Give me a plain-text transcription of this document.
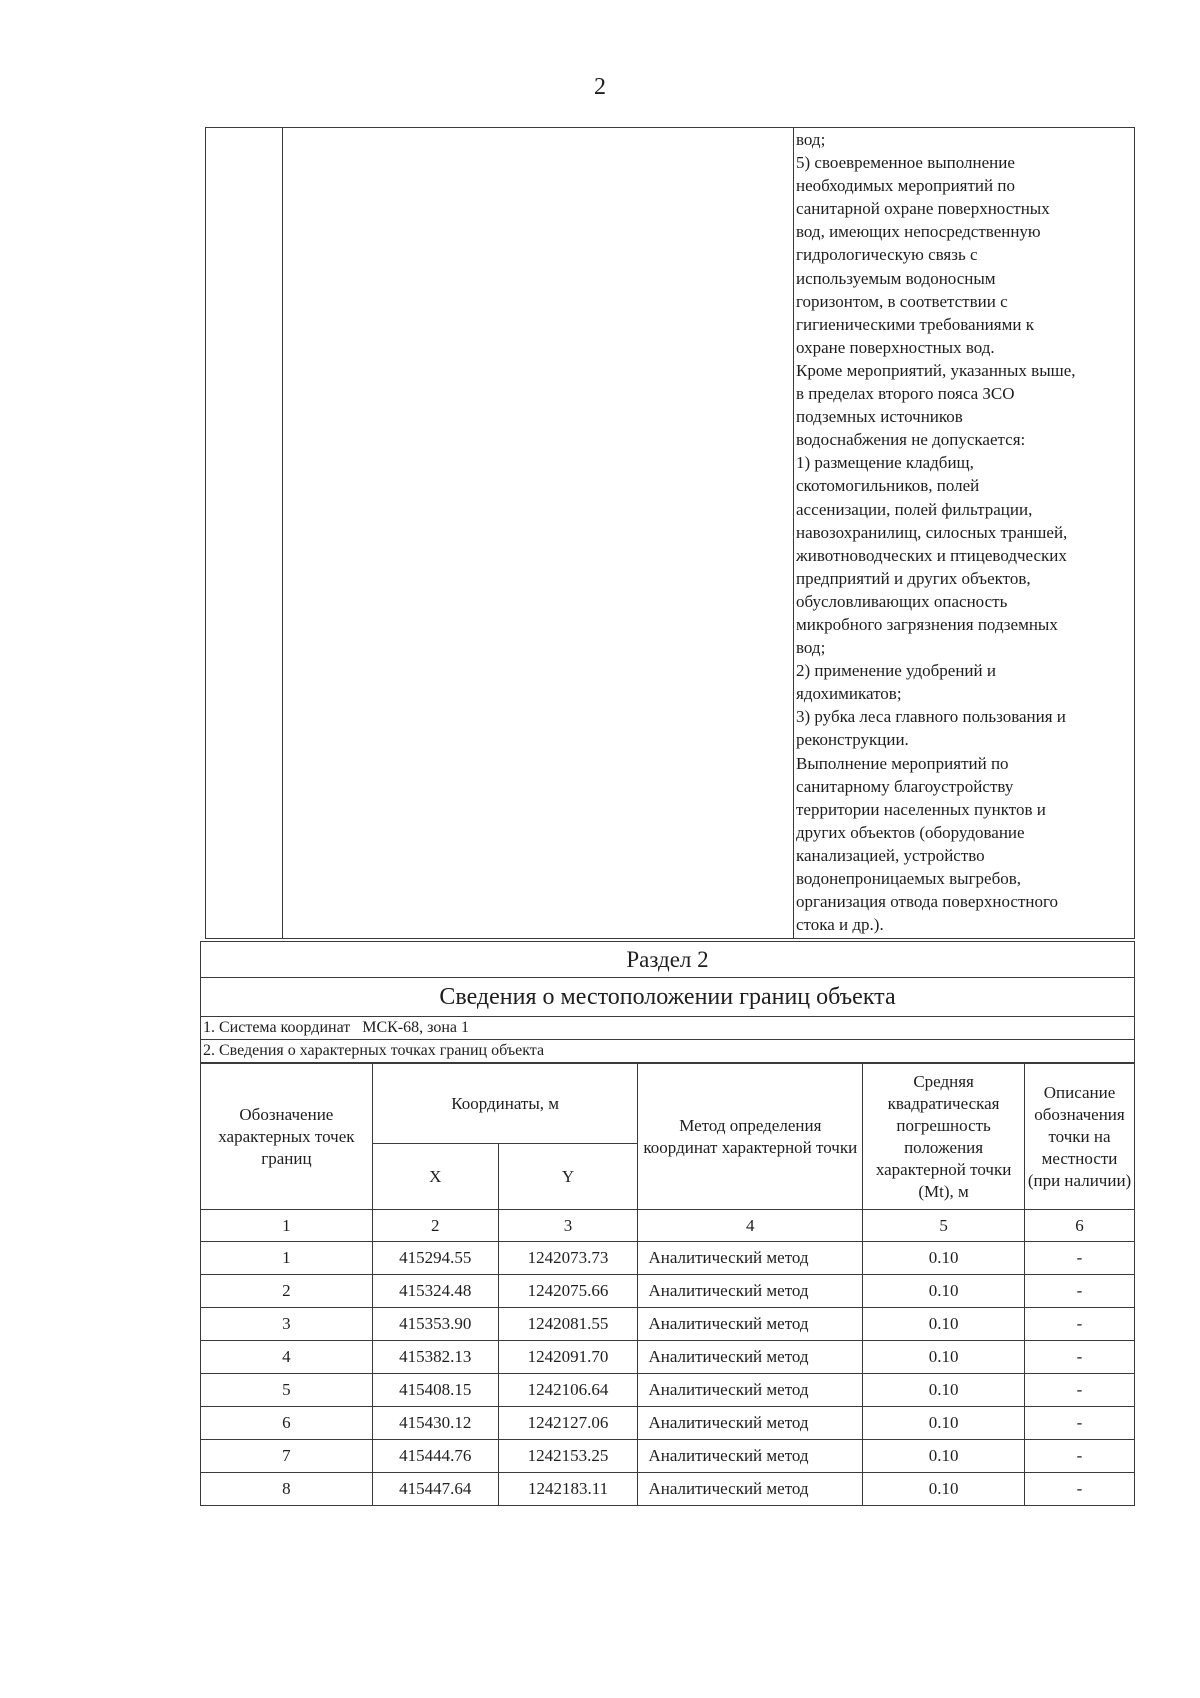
2
вод;
5) своевременное выполнение
необходимых мероприятий по
санитарной охране поверхностных
вод, имеющих непосредственную
гидрологическую связь с
используемым водоносным
горизонтом, в соответствии с
гигиеническими требованиями к
охране поверхностных вод.
Кроме мероприятий, указанных выше,
в пределах второго пояса ЗСО
подземных источников
водоснабжения не допускается:
1) размещение кладбищ,
скотомогильников, полей
ассенизации, полей фильтрации,
навозохранилищ, силосных траншей,
животноводческих и птицеводческих
предприятий и других объектов,
обусловливающих опасность
микробного загрязнения подземных
вод;
2) применение удобрений и
ядохимикатов;
3) рубка леса главного пользования и
реконструкции.
Выполнение мероприятий по
санитарному благоустройству
территории населенных пунктов и
других объектов (оборудование
канализацией, устройство
водонепроницаемых выгребов,
организация отвода поверхностного
стока и др.).
Раздел 2
Сведения о местоположении границ объекта
1. Система координат   МСК-68, зона 1
2. Сведения о характерных точках границ объекта
Обозначение характерных точек границ	Координаты, м		Метод определения координат характерной точки	Средняя квадратическая погрешность положения характерной точки (Mt), м	Описание обозначения точки на местности (при наличии)
	X	Y			
1	2	3	4	5	6
1	415294.55	1242073.73	Аналитический метод	0.10	-
2	415324.48	1242075.66	Аналитический метод	0.10	-
3	415353.90	1242081.55	Аналитический метод	0.10	-
4	415382.13	1242091.70	Аналитический метод	0.10	-
5	415408.15	1242106.64	Аналитический метод	0.10	-
6	415430.12	1242127.06	Аналитический метод	0.10	-
7	415444.76	1242153.25	Аналитический метод	0.10	-
8	415447.64	1242183.11	Аналитический метод	0.10	-
